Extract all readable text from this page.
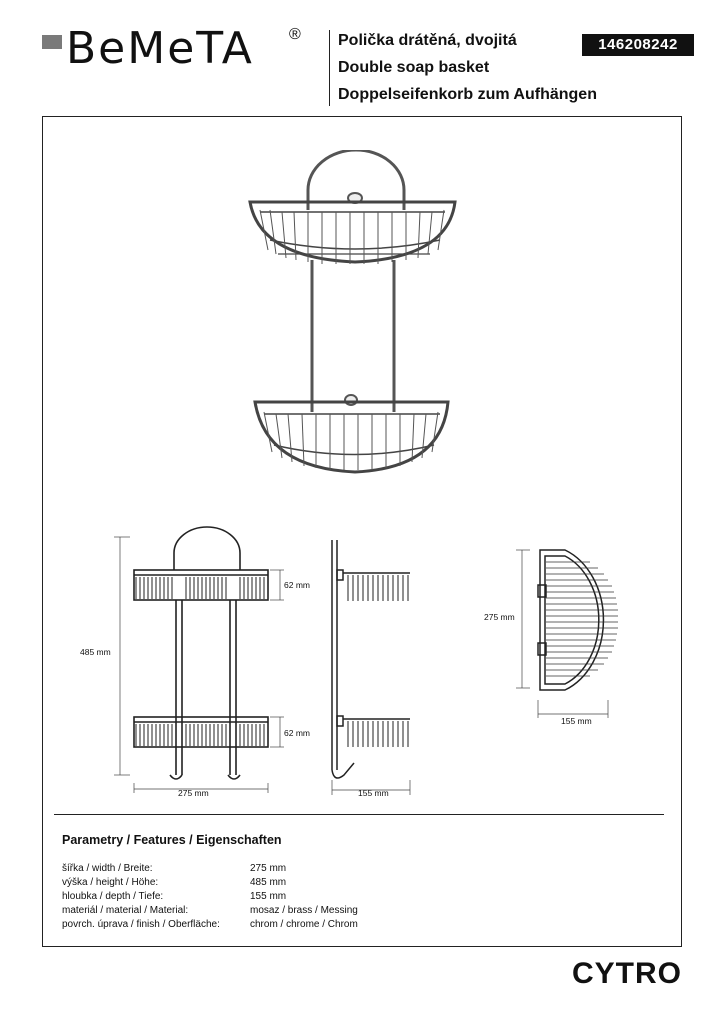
BeMeTA ® Polička drátěná, dvojitá
Double soap basket
Doppelseifenkorb zum Aufhängen
146208242
485 mm
275 mm
62 mm
62 mm
155 mm
275 mm
155 mm
Parametry / Features / Eigenschaften
šířka / width / Breite:	275 mm
výška / height / Höhe:	485 mm
hloubka / depth / Tiefe:	155 mm
materiál / material / Material:	mosaz / brass / Messing
povrch. úprava / finish / Oberfläche:	chrom / chrome / Chrom
CYTRO
